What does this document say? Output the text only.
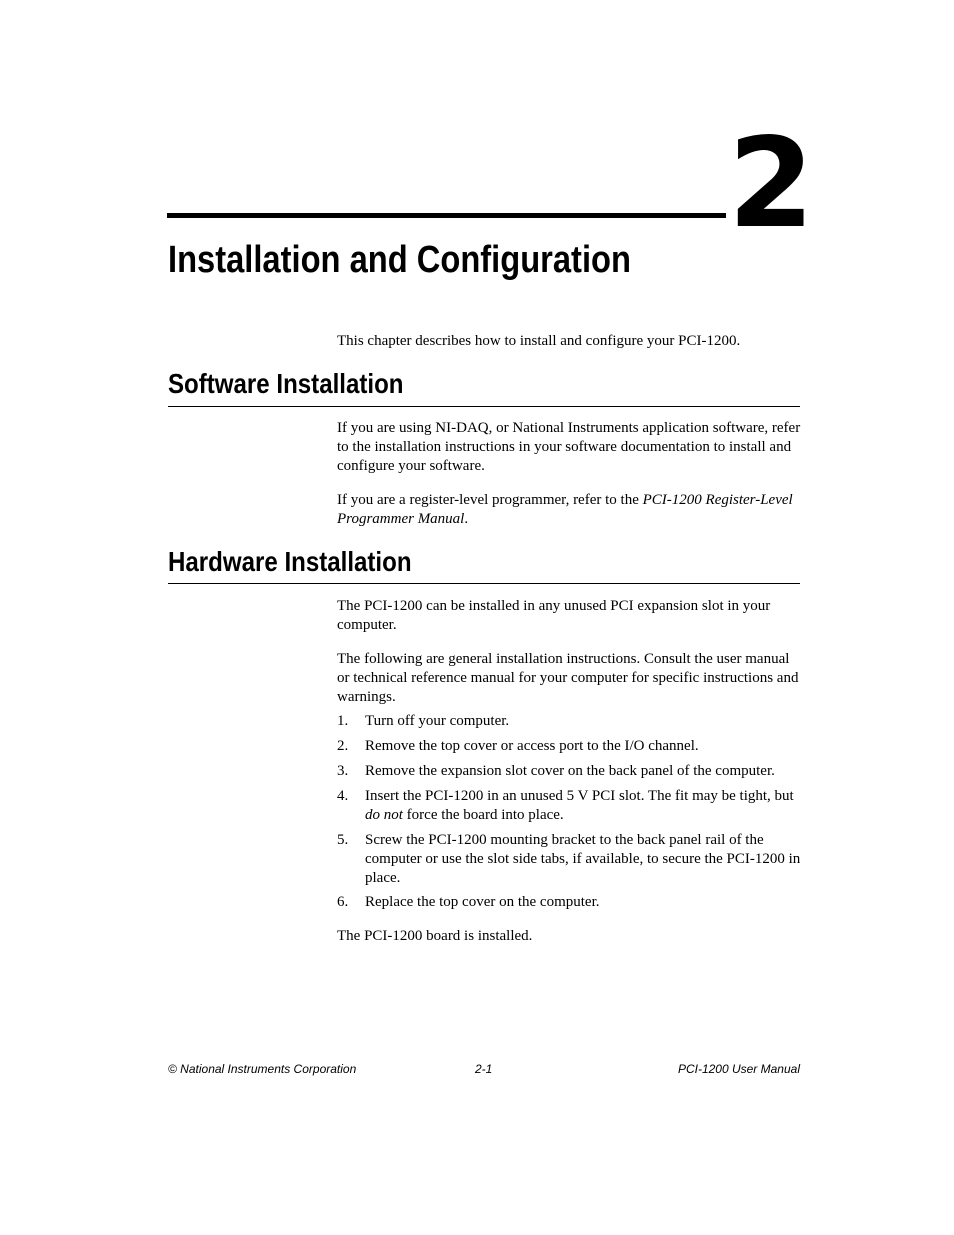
2
Installation and Configuration

This chapter describes how to install and configure your PCI-1200.

Software Installation

If you are using NI-DAQ, or National Instruments application software, refer to the installation instructions in your software documentation to install and configure your software.

If you are a register-level programmer, refer to the PCI-1200 Register-Level Programmer Manual.

Hardware Installation

The PCI-1200 can be installed in any unused PCI expansion slot in your computer.

The following are general installation instructions. Consult the user manual or technical reference manual for your computer for specific instructions and warnings.

1.	Turn off your computer.
2.	Remove the top cover or access port to the I/O channel.
3.	Remove the expansion slot cover on the back panel of the computer.
4.	Insert the PCI-1200 in an unused 5 V PCI slot. The fit may be tight, but do not force the board into place.
5.	Screw the PCI-1200 mounting bracket to the back panel rail of the computer or use the slot side tabs, if available, to secure the PCI-1200 in place.
6.	Replace the top cover on the computer.

The PCI-1200 board is installed.

© National Instruments Corporation	2-1	PCI-1200 User Manual
